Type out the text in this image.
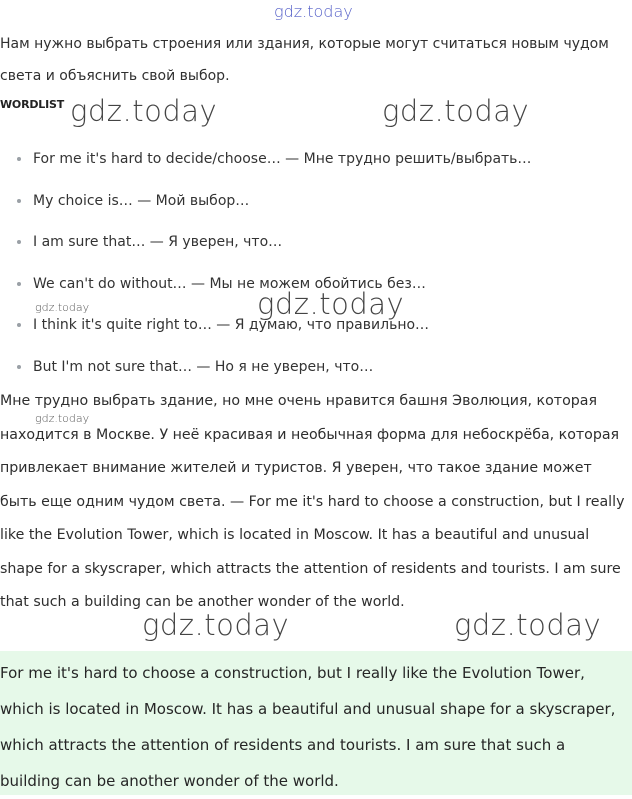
Нам нужно выбрать строения или здания, которые могут считаться новым чудом света и объяснить свой выбор.

WORDLIST

For me it's hard to decide/choose… — Мне трудно решить/выбрать…
My choice is… — Мой выбор…
I am sure that… — Я уверен, что…
We can't do without… — Мы не можем обойтись без…
I think it's quite right to… — Я думаю, что правильно…
But I'm not sure that… — Но я не уверен, что…

Мне трудно выбрать здание, но мне очень нравится башня Эволюция, которая находится в Москве. У неё красивая и необычная форма для небоскрёба, которая привлекает внимание жителей и туристов. Я уверен, что такое здание может быть еще одним чудом света. — For me it's hard to choose a construction, but I really like the Evolution Tower, which is located in Moscow. It has a beautiful and unusual shape for a skyscraper, which attracts the attention of residents and tourists. I am sure that such a building can be another wonder of the world.

For me it's hard to choose a construction, but I really like the Evolution Tower, which is located in Moscow. It has a beautiful and unusual shape for a skyscraper, which attracts the attention of residents and tourists. I am sure that such a building can be another wonder of the world.

gdz.today
gdz.today	gdz.today
gdz.today
gdz.today	gdz.today
gdz.today
gdz.today
